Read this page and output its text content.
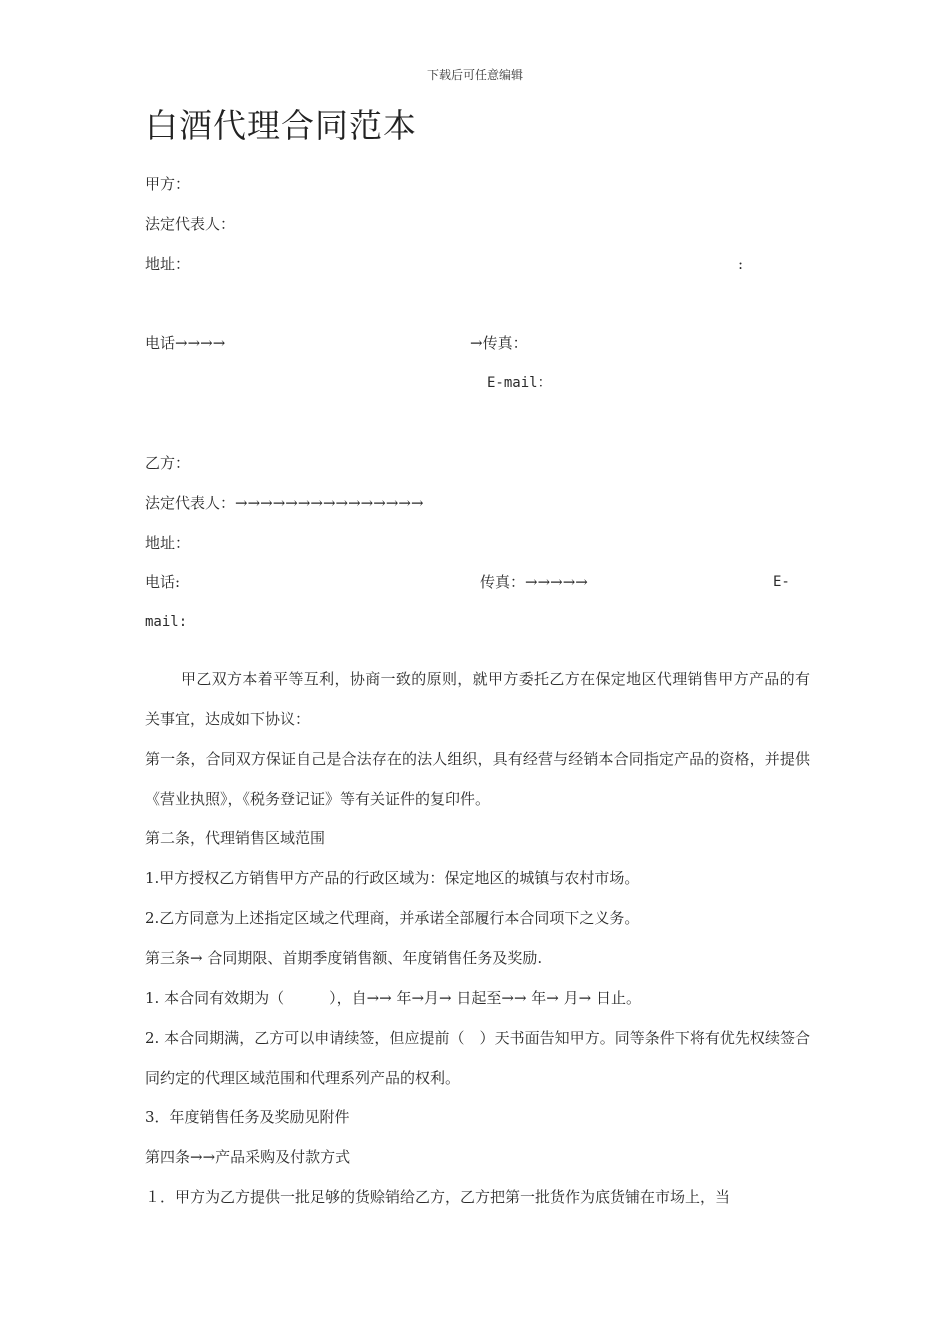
下载后可任意编辑
白酒代理合同范本
甲方：
法定代表人：
地址：	:
电话→→→→	→传真：
E-mail：
乙方：
法定代表人：→→→→→→→→→→→→→→→
地址：
电话:	传真：→→→→→	E-
mail:
甲乙双方本着平等互利，协商一致的原则，就甲方委托乙方在保定地区代理销售甲方产品的有关事宜，达成如下协议：
第一条，合同双方保证自己是合法存在的法人组织，具有经营与经销本合同指定产品的资格，并提供《营业执照》，《税务登记证》等有关证件的复印件。
第二条，代理销售区域范围
1.甲方授权乙方销售甲方产品的行政区域为：保定地区的城镇与农村市场。
2.乙方同意为上述指定区域之代理商，并承诺全部履行本合同项下之义务。
第三条→ 合同期限、首期季度销售额、年度销售任务及奖励.
1. 本合同有效期为（　　　），自→→ 年→月→ 日起至→→ 年→ 月→ 日止。
2. 本合同期满，乙方可以申请续签，但应提前（　）天书面告知甲方。同等条件下将有优先权续签合同约定的代理区域范围和代理系列产品的权利。
3．年度销售任务及奖励见附件
第四条→→产品采购及付款方式
１．甲方为乙方提供一批足够的货赊销给乙方，乙方把第一批货作为底货铺在市场上，当
